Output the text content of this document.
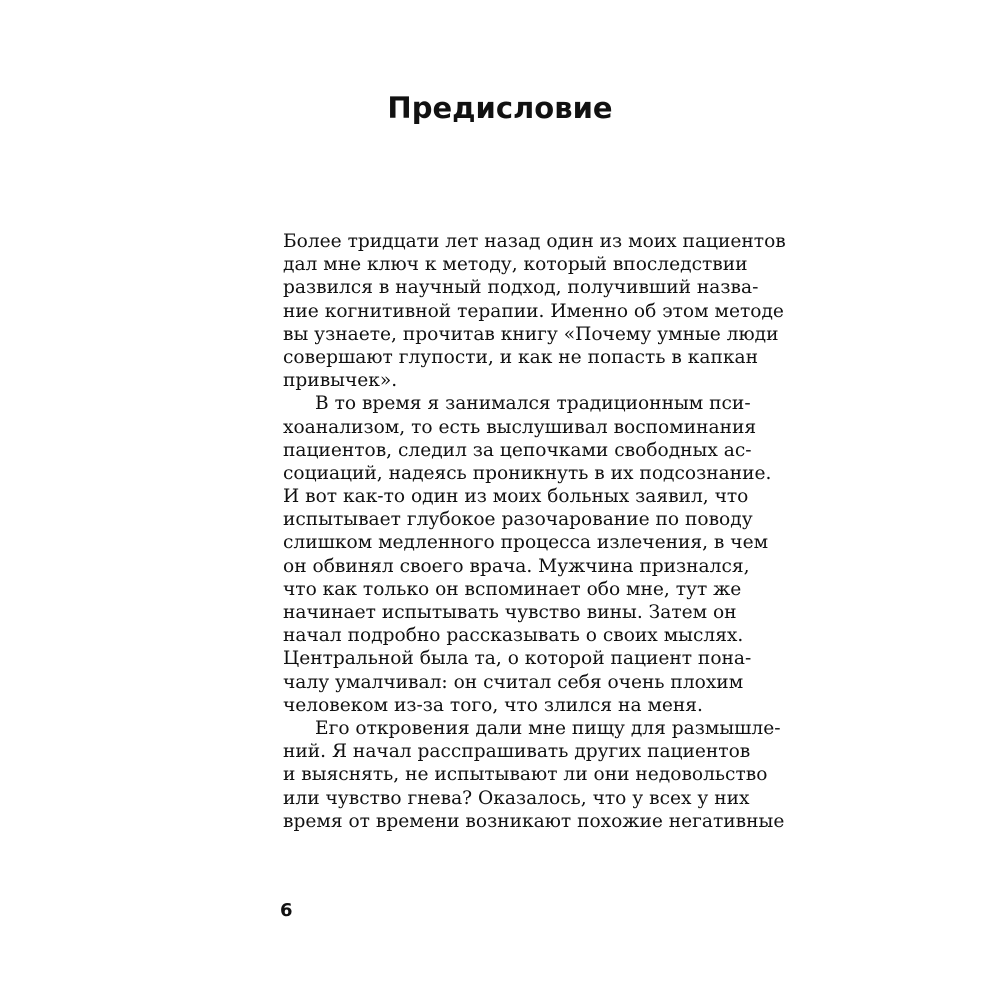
Предисловие
Более тридцати лет назад один из моих пациентов
дал мне ключ к методу, который впоследствии
развился в научный подход, получивший назва-
ние когнитивной терапии. Именно об этом методе
вы узнаете, прочитав книгу «Почему умные люди
совершают глупости, и как не попасть в капкан
привычек».
В то время я занимался традиционным пси-
хоанализом, то есть выслушивал воспоминания
пациентов, следил за цепочками свободных ас-
социаций, надеясь проникнуть в их подсознание.
И вот как-то один из моих больных заявил, что
испытывает глубокое разочарование по поводу
слишком медленного процесса излечения, в чем
он обвинял своего врача. Мужчина признался,
что как только он вспоминает обо мне, тут же
начинает испытывать чувство вины. Затем он
начал подробно рассказывать о своих мыслях.
Центральной была та, о которой пациент пона-
чалу умалчивал: он считал себя очень плохим
человеком из-за того, что злился на меня.
Его откровения дали мне пищу для размышле-
ний. Я начал расспрашивать других пациентов
и выяснять, не испытывают ли они недовольство
или чувство гнева? Оказалось, что у всех у них
время от времени возникают похожие негативные
6
